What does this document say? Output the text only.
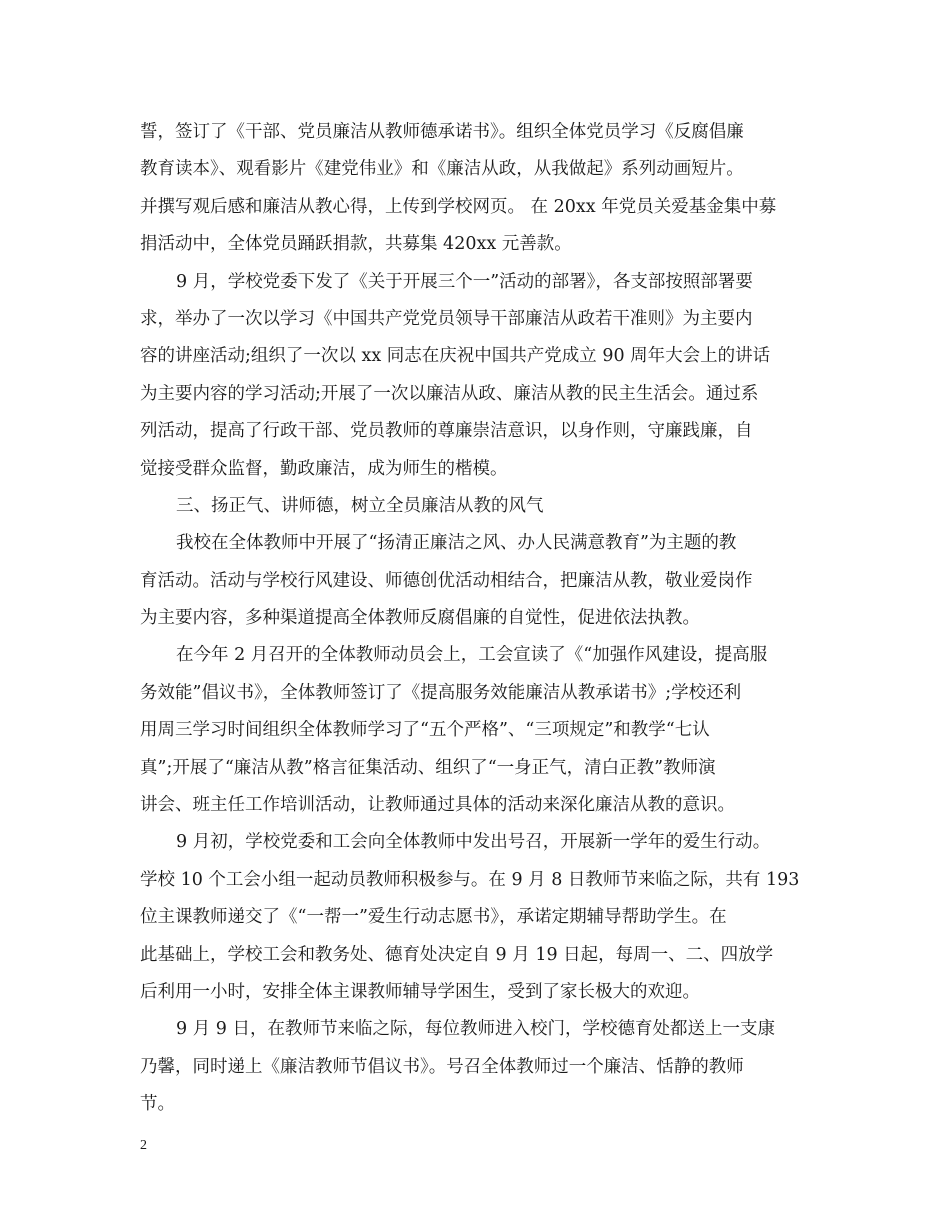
誓，签订了《干部、党员廉洁从教师德承诺书》。组织全体党员学习《反腐倡廉
教育读本》、观看影片《建党伟业》和《廉洁从政，从我做起》系列动画短片。
并撰写观后感和廉洁从教心得，上传到学校网页。 在 20xx 年党员关爱基金集中募
捐活动中，全体党员踊跃捐款，共募集 420xx 元善款。
9 月，学校党委下发了《关于开展三个一”活动的部署》，各支部按照部署要
求，举办了一次以学习《中国共产党党员领导干部廉洁从政若干准则》为主要内
容的讲座活动;组织了一次以 xx 同志在庆祝中国共产党成立 90 周年大会上的讲话
为主要内容的学习活动;开展了一次以廉洁从政、廉洁从教的民主生活会。通过系
列活动，提高了行政干部、党员教师的尊廉崇洁意识，以身作则，守廉践廉，自
觉接受群众监督，勤政廉洁，成为师生的楷模。
三、扬正气、讲师德，树立全员廉洁从教的风气
我校在全体教师中开展了“扬清正廉洁之风、办人民满意教育”为主题的教
育活动。活动与学校行风建设、师德创优活动相结合，把廉洁从教，敬业爱岗作
为主要内容，多种渠道提高全体教师反腐倡廉的自觉性，促进依法执教。
在今年 2 月召开的全体教师动员会上，工会宣读了《“加强作风建设，提高服
务效能”倡议书》，全体教师签订了《提高服务效能廉洁从教承诺书》;学校还利
用周三学习时间组织全体教师学习了“五个严格”、“三项规定”和教学“七认
真”;开展了“廉洁从教”格言征集活动、组织了“一身正气，清白正教”教师演
讲会、班主任工作培训活动，让教师通过具体的活动来深化廉洁从教的意识。
9 月初，学校党委和工会向全体教师中发出号召，开展新一学年的爱生行动。
学校 10 个工会小组一起动员教师积极参与。在 9 月 8 日教师节来临之际，共有 193
位主课教师递交了《“一帮一”爱生行动志愿书》，承诺定期辅导帮助学生。在
此基础上，学校工会和教务处、德育处决定自 9 月 19 日起，每周一、二、四放学
后利用一小时，安排全体主课教师辅导学困生，受到了家长极大的欢迎。
9 月 9 日，在教师节来临之际，每位教师进入校门，学校德育处都送上一支康
乃馨，同时递上《廉洁教师节倡议书》。号召全体教师过一个廉洁、恬静的教师
节。
2
